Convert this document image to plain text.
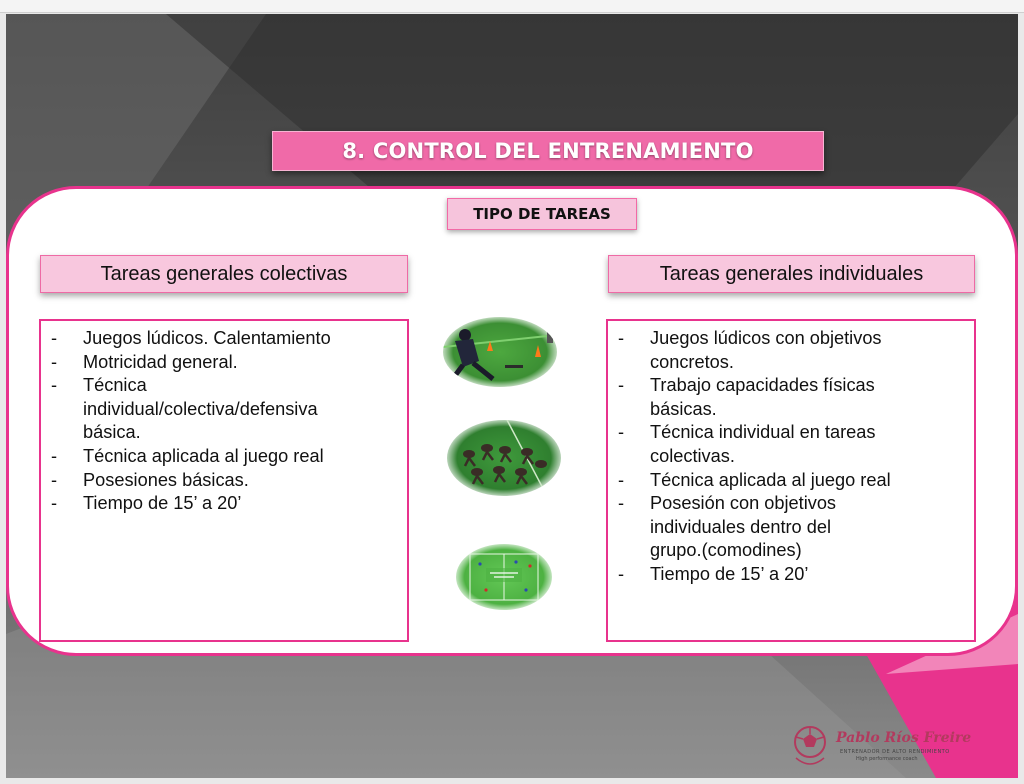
8. CONTROL DEL ENTRENAMIENTO
TIPO DE TAREAS
Tareas generales colectivas	Tareas generales individuales
- Juegos lúdicos. Calentamiento
- Motricidad general.
- Técnica individual/colectiva/defensiva básica.
- Técnica aplicada al juego real
- Posesiones básicas.
- Tiempo de 15’ a 20’
- Juegos lúdicos con objetivos concretos.
- Trabajo capacidades físicas básicas.
- Técnica individual en tareas colectivas.
- Técnica aplicada al juego real
- Posesión con objetivos individuales dentro del grupo.(comodines)
- Tiempo de 15’ a 20’
Pablo Ríos Freire
ENTRENADOR DE ALTO RENDIMIENTO
High performance coach
